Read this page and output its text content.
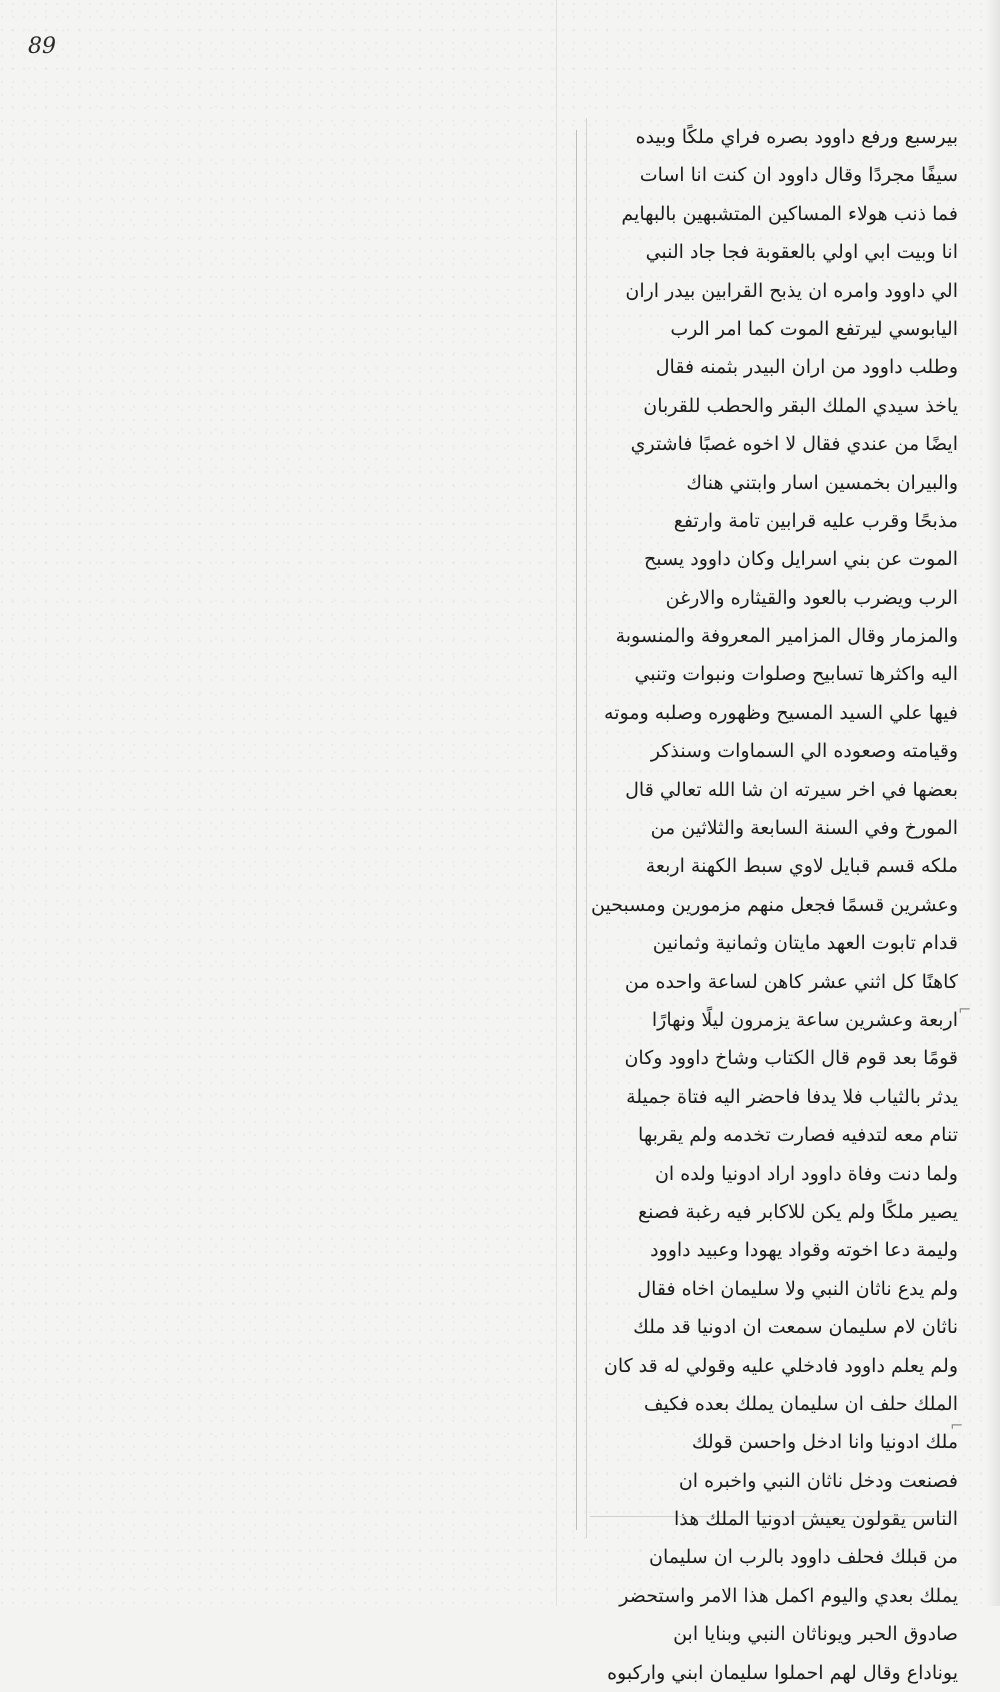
89
⌐
⌐
بيرسبع ورفع داوود بصره فراي ملكًا وبيده
سيفًا مجردًا وقال داوود ان كنت انا اسات
فما ذنب هولاء المساكين المتشبهين بالبهايم
انا وبيت ابي اولي بالعقوبة فجا جاد النبي
الي داوود وامره ان يذبح القرابين بيدر اران
اليابوسي ليرتفع الموت كما امر الرب
وطلب داوود من اران البيدر بثمنه فقال
ياخذ سيدي الملك البقر والحطب للقربان
ايضًا من عندي فقال لا اخوه غصبًا فاشتري
والبيران بخمسين اسار وابتني هناك
مذبحًا وقرب عليه قرابين تامة وارتفع
الموت عن بني اسرايل وكان داوود يسبح
الرب ويضرب بالعود والقيثاره والارغن
والمزمار وقال المزامير المعروفة والمنسوبة
اليه واكثرها تسابيح وصلوات ونبوات وتنبي
فيها علي السيد المسيح وظهوره وصلبه وموته
وقيامته وصعوده الي السماوات وسنذكر
بعضها في اخر سيرته ان شا الله تعالي قال
المورخ وفي السنة السابعة والثلاثين من
ملكه قسم قبايل لاوي سبط الكهنة اربعة
وعشرين قسمًا فجعل منهم مزمورين ومسبحين
قدام تابوت العهد مايتان وثمانية وثمانين
كاهنًا كل اثني عشر كاهن لساعة واحده من
اربعة وعشرين ساعة يزمرون ليلًا ونهارًا
قومًا بعد قوم قال الكتاب وشاخ داوود وكان
يدثر بالثياب فلا يدفا فاحضر اليه فتاة جميلة
تنام معه لتدفيه فصارت تخدمه ولم يقربها
ولما دنت وفاة داوود اراد ادونيا ولده ان
يصير ملكًا ولم يكن للاكابر فيه رغبة فصنع
وليمة دعا اخوته وقواد يهودا وعبيد داوود
ولم يدع ناثان النبي ولا سليمان اخاه فقال
ناثان لام سليمان سمعت ان ادونيا قد ملك
ولم يعلم داوود فادخلي عليه وقولي له قد كان
الملك حلف ان سليمان يملك بعده فكيف
ملك ادونيا وانا ادخل واحسن قولك
فصنعت ودخل ناثان النبي واخبره ان
الناس يقولون يعيش ادونيا الملك هذا
من قبلك فحلف داوود بالرب ان سليمان
يملك بعدي واليوم اكمل هذا الامر واستحضر
صادوق الحبر ويوناثان النبي وبنايا ابن
يوناداع وقال لهم احملوا سليمان ابني واركبوه
